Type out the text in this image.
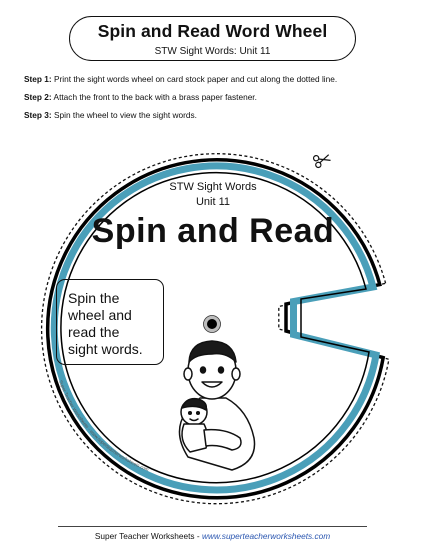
Spin and Read Word Wheel
STW Sight Words: Unit 11
Step 1: Print the sight words wheel on card stock paper and cut along the dotted line.
Step 2: Attach the front to the back with a brass paper fastener.
Step 3: Spin the wheel to view the sight words.
Super Teacher Worksheets - www.superteacherworksheets.com
STW Sight Words
Unit 11
Spin and Read
Spin the
wheel and
read the
sight words.
Super Teacher Worksheets - www.superteacherworksheets.com
